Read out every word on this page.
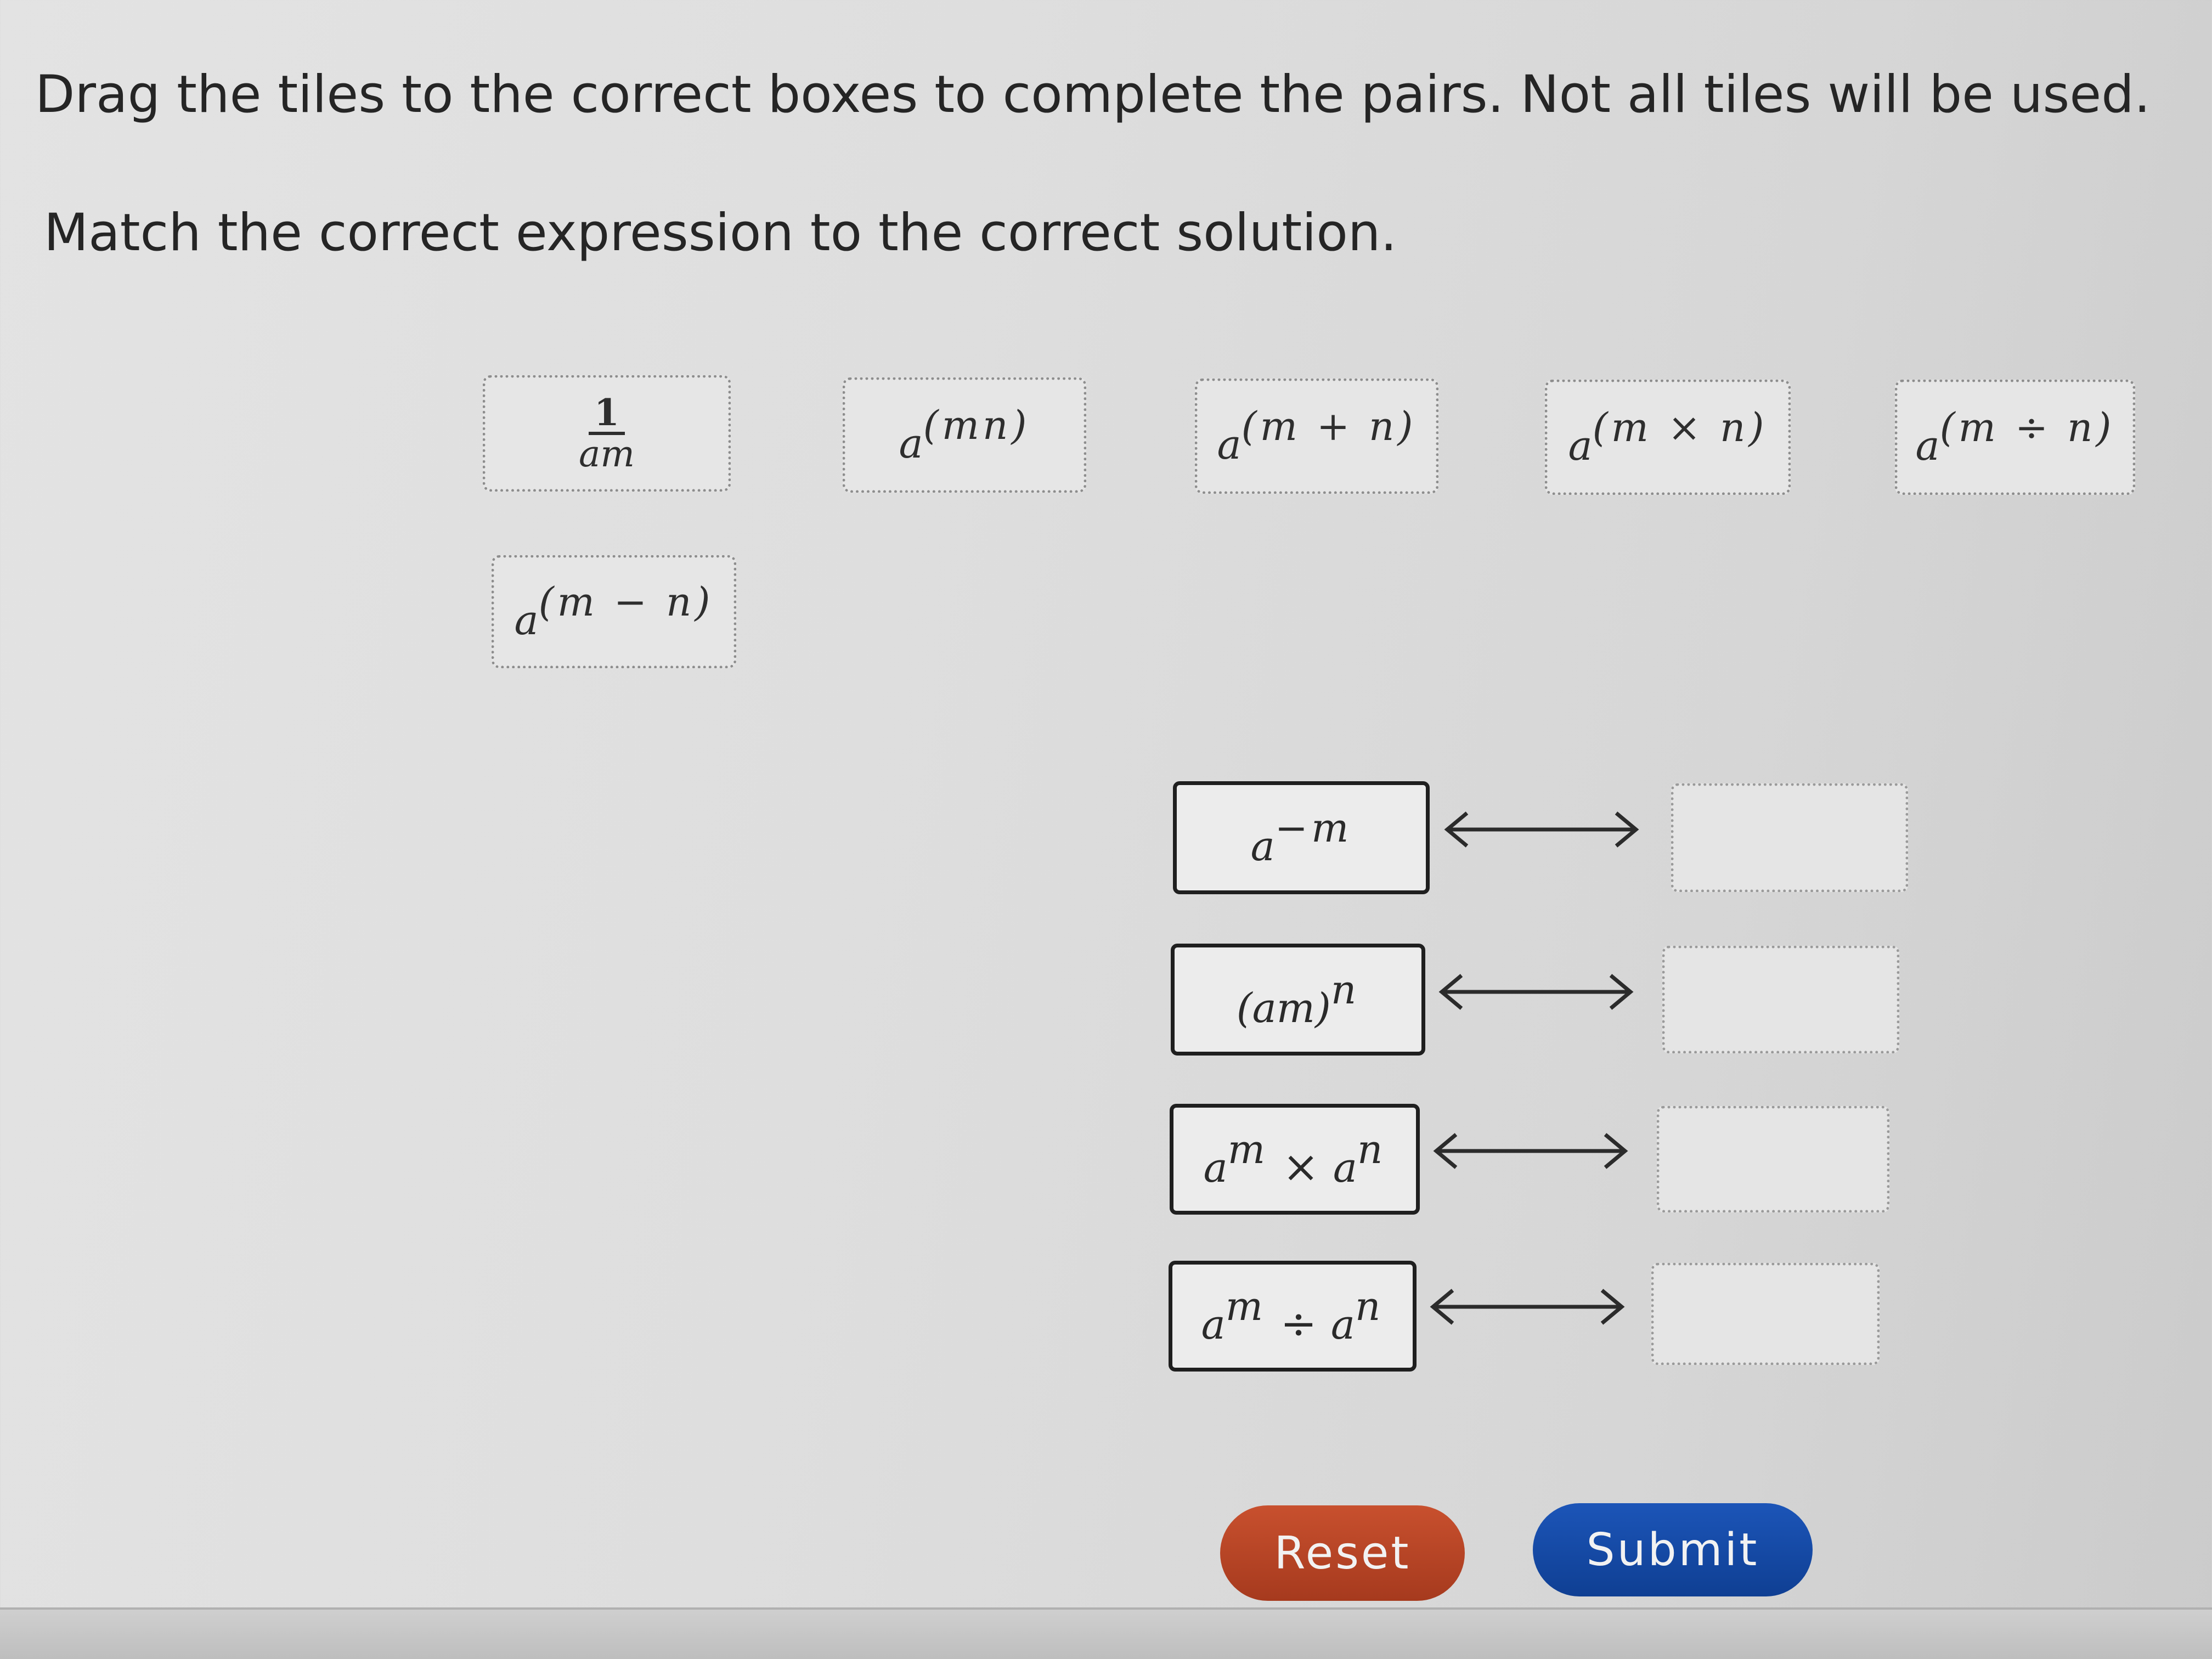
Drag the tiles to the correct boxes to complete the pairs. Not all tiles will be used.
Match the correct expression to the correct solution.
$\frac{1}{am}$	a(mn)	a(m + n)	a(m × n)	a(m ÷ n)
a(m − n)
a−m
(am)n
am × an
am ÷ an
Reset	Submit
